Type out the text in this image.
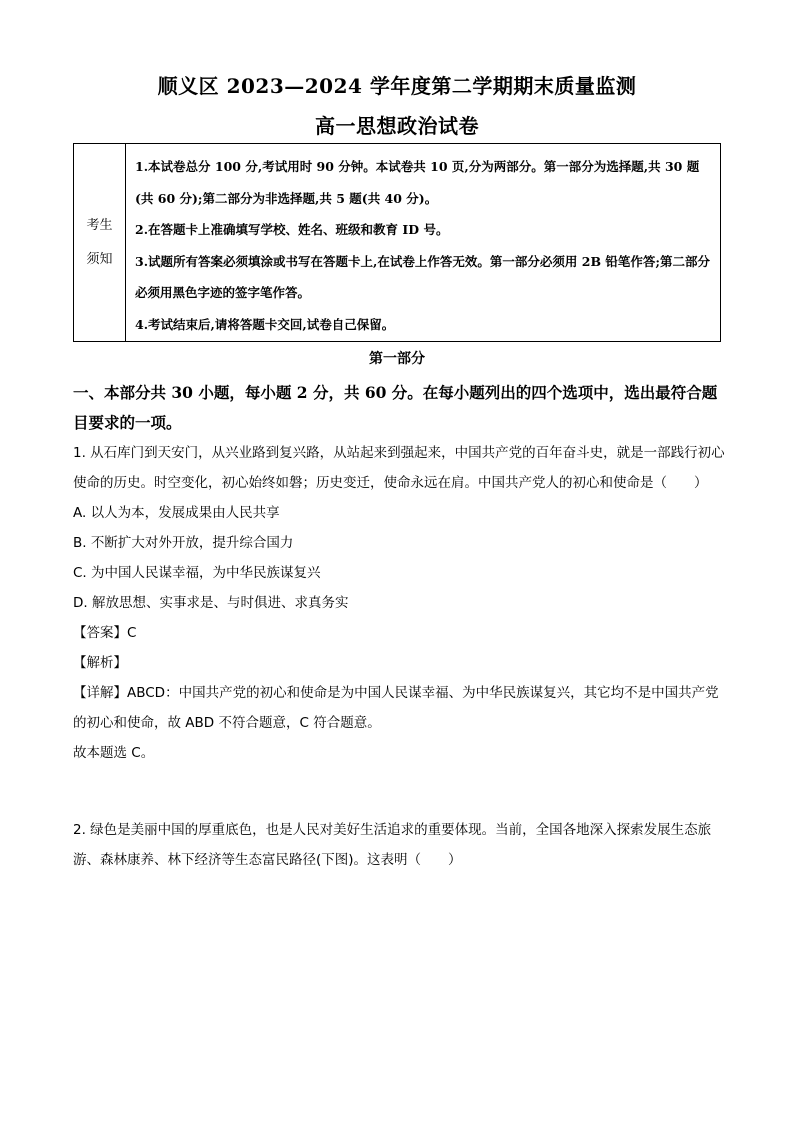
顺义区 2023—2024 学年度第二学期期末质量监测
高一思想政治试卷
考生
须知

1.本试卷总分 100 分,考试用时 90 分钟。本试卷共 10 页,分为两部分。第一部分为选择题,共 30 题(共 60 分);第二部分为非选择题,共 5 题(共 40 分)。

2.在答题卡上准确填写学校、姓名、班级和教育 ID 号。

3.试题所有答案必须填涂或书写在答题卡上,在试卷上作答无效。第一部分必须用 2B 铅笔作答;第二部分必须用黑色字迹的签字笔作答。

4.考试结束后,请将答题卡交回,试卷自己保留。

第一部分
一、本部分共 30 小题，每小题 2 分，共 60 分。在每小题列出的四个选项中，选出最符合题目要求的一项。

1. 从石库门到天安门，从兴业路到复兴路，从站起来到强起来，中国共产党的百年奋斗史，就是一部践行初心使命的历史。时空变化，初心始终如磐；历史变迁，使命永远在肩。中国共产党人的初心和使命是（　　）

A. 以人为本，发展成果由人民共享

B. 不断扩大对外开放，提升综合国力

C. 为中国人民谋幸福，为中华民族谋复兴

D. 解放思想、实事求是、与时俱进、求真务实

【答案】C

【解析】

【详解】ABCD：中国共产党的初心和使命是为中国人民谋幸福、为中华民族谋复兴，其它均不是中国共产党的初心和使命，故 ABD 不符合题意，C 符合题意。

故本题选 C。

2. 绿色是美丽中国的厚重底色，也是人民对美好生活追求的重要体现。当前，全国各地深入探索发展生态旅游、森林康养、林下经济等生态富民路径(下图)。这表明（　　）
